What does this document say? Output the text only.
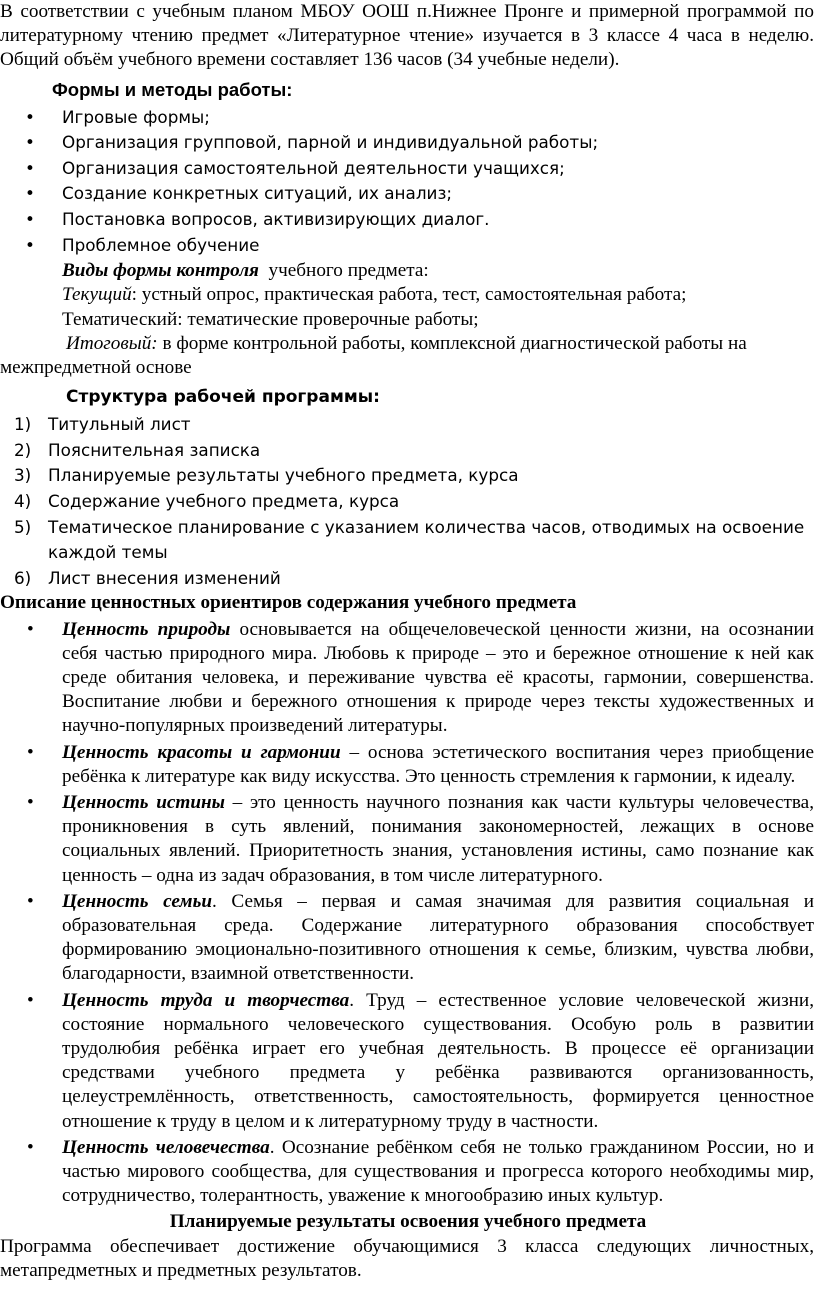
В соответствии с учебным планом МБОУ ООШ п.Нижнее Пронге и примерной программой по литературному чтению предмет «Литературное чтение» изучается в 3 классе 4 часа в неделю. Общий объём учебного времени составляет 136 часов (34 учебные недели).

Формы и методы работы:
• Игровые формы;
• Организация групповой, парной и индивидуальной работы;
• Организация самостоятельной деятельности учащихся;
• Создание конкретных ситуаций, их анализ;
• Постановка вопросов, активизирующих диалог.
• Проблемное обучение

Виды формы контроля учебного предмета:

Текущий: устный опрос, практическая работа, тест, самостоятельная работа;

Тематический: тематические проверочные работы;

Итоговый: в форме контрольной работы, комплексной диагностической работы на межпредметной основе

Структура рабочей программы:
1) Титульный лист
2) Пояснительная записка
3) Планируемые результаты учебного предмета, курса
4) Содержание учебного предмета, курса
5) Тематическое планирование с указанием количества часов, отводимых на освоение каждой темы
6) Лист внесения изменений

Описание ценностных ориентиров содержания учебного предмета

• Ценность природы основывается на общечеловеческой ценности жизни, на осознании себя частью природного мира. Любовь к природе – это и бережное отношение к ней как среде обитания человека, и переживание чувства её красоты, гармонии, совершенства. Воспитание любви и бережного отношения к природе через тексты художественных и научно-популярных произведений литературы.
• Ценность красоты и гармонии – основа эстетического воспитания через приобщение ребёнка к литературе как виду искусства. Это ценность стремления к гармонии, к идеалу.
• Ценность истины – это ценность научного познания как части культуры человечества, проникновения в суть явлений, понимания закономерностей, лежащих в основе социальных явлений. Приоритетность знания, установления истины, само познание как ценность – одна из задач образования, в том числе литературного.
• Ценность семьи. Семья – первая и самая значимая для развития социальная и образовательная среда. Содержание литературного образования способствует формированию эмоционально-позитивного отношения к семье, близким, чувства любви, благодарности, взаимной ответственности.
• Ценность труда и творчества. Труд – естественное условие человеческой жизни, состояние нормального человеческого существования. Особую роль в развитии трудолюбия ребёнка играет его учебная деятельность. В процессе её организации средствами учебного предмета у ребёнка развиваются организованность, целеустремлённость, ответственность, самостоятельность, формируется ценностное отношение к труду в целом и к литературному труду в частности.
• Ценность человечества. Осознание ребёнком себя не только гражданином России, но и частью мирового сообщества, для существования и прогресса которого необходимы мир, сотрудничество, толерантность, уважение к многообразию иных культур.

Планируемые результаты освоения учебного предмета

Программа обеспечивает достижение обучающимися 3 класса следующих личностных, метапредметных и предметных результатов.
